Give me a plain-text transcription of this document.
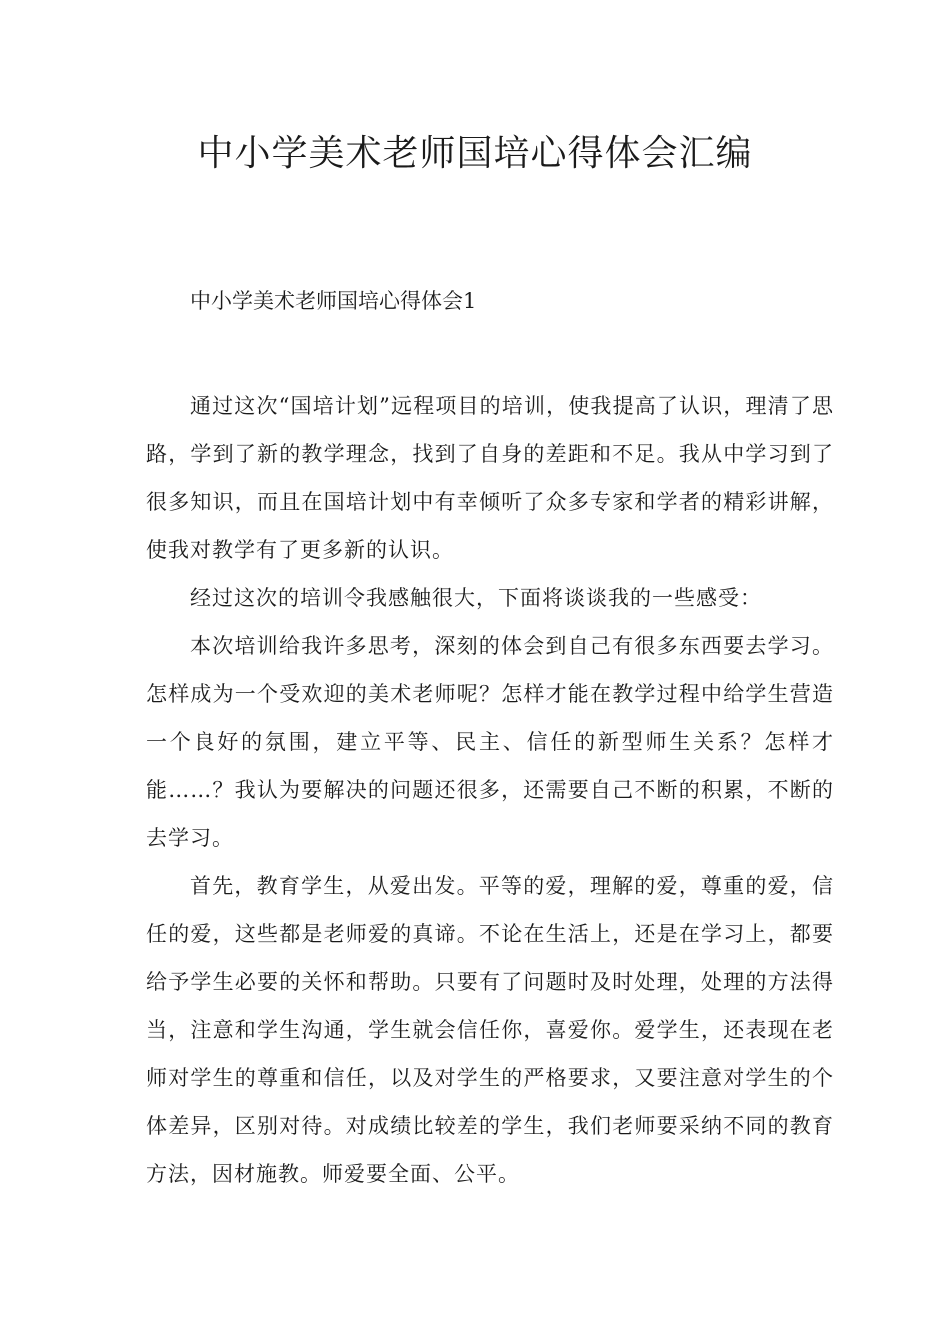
中小学美术老师国培心得体会汇编

中小学美术老师国培心得体会1

通过这次“国培计划”远程项目的培训，使我提高了认识，理清了思路，学到了新的教学理念，找到了自身的差距和不足。我从中学习到了很多知识，而且在国培计划中有幸倾听了众多专家和学者的精彩讲解，使我对教学有了更多新的认识。

经过这次的培训令我感触很大，下面将谈谈我的一些感受：

本次培训给我许多思考，深刻的体会到自己有很多东西要去学习。怎样成为一个受欢迎的美术老师呢？怎样才能在教学过程中给学生营造一个良好的氛围，建立平等、民主、信任的新型师生关系？怎样才能……？我认为要解决的问题还很多，还需要自己不断的积累，不断的去学习。

首先，教育学生，从爱出发。平等的爱，理解的爱，尊重的爱，信任的爱，这些都是老师爱的真谛。不论在生活上，还是在学习上，都要给予学生必要的关怀和帮助。只要有了问题时及时处理，处理的方法得当，注意和学生沟通，学生就会信任你，喜爱你。爱学生，还表现在老师对学生的尊重和信任，以及对学生的严格要求，又要注意对学生的个体差异，区别对待。对成绩比较差的学生，我们老师要采纳不同的教育方法，因材施教。师爱要全面、公平。
